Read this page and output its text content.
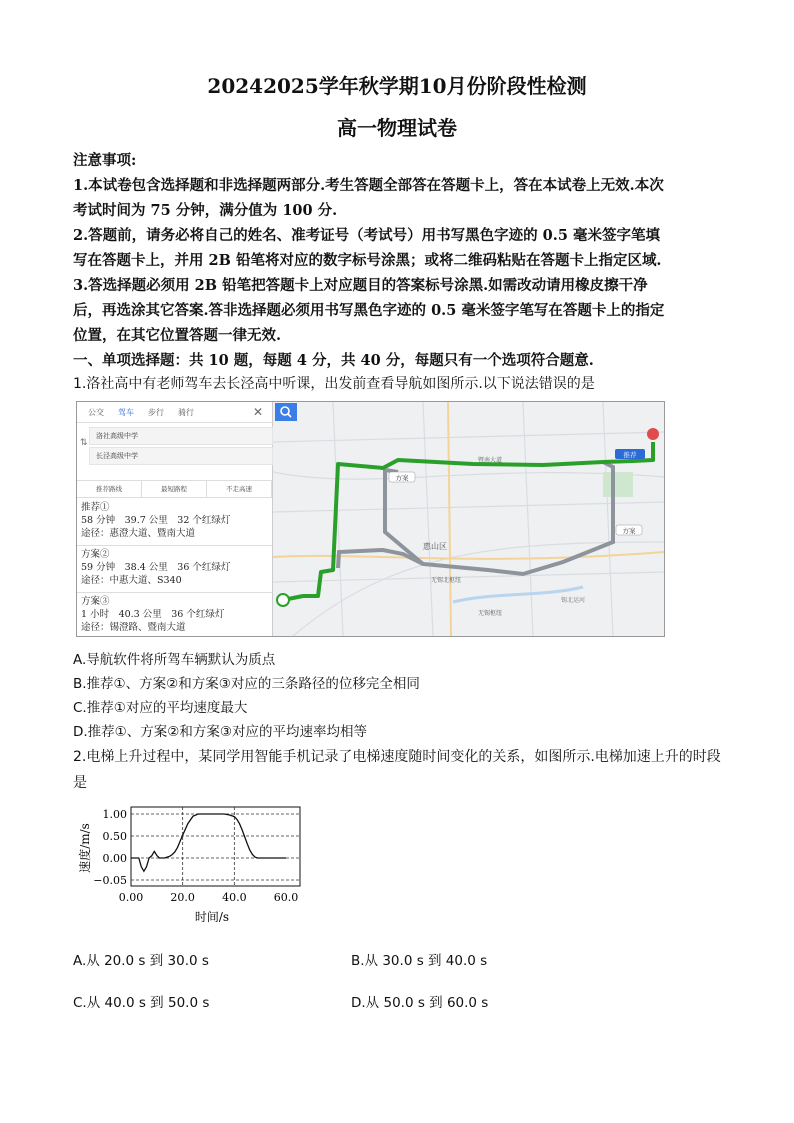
20242025学年秋学期10月份阶段性检测
高一物理试卷

注意事项:

1.本试卷包含选择题和非选择题两部分.考生答题全部答在答题卡上，答在本试卷上无效.本次

考试时间为 75 分钟，满分值为 100 分.

2.答题前，请务必将自己的姓名、准考证号（考试号）用书写黑色字迹的 0.5 毫米签字笔填

写在答题卡上，并用 2B 铅笔将对应的数字标号涂黑；或将二维码粘贴在答题卡上指定区域.

3.答选择题必须用 2B 铅笔把答题卡上对应题目的答案标号涂黑.如需改动请用橡皮擦干净

后，再选涂其它答案.答非选择题必须用书写黑色字迹的 0.5 毫米签字笔写在答题卡上的指定

位置，在其它位置答题一律无效.

一、单项选择题：共 10 题，每题 4 分，共 40 分，每题只有一个选项符合题意.

1.洛社高中有老师驾车去长泾高中听课，出发前查看导航如图所示.以下说法错误的是
公交	驾车	步行	骑行	✕
⇅
洛社高级中学
长泾高级中学
推荐路线	最短路程	不走高速
推荐①
58 分钟　39.7 公里　32 个红绿灯
途径：惠澄大道、暨南大道
方案②
59 分钟　38.4 公里　36 个红绿灯
途径：中惠大道、S340
方案③
1 小时　40.3 公里　36 个红绿灯
途径：锡澄路、暨南大道
推荐
方案
方案
惠山区
暨南大道
锡北运河
无锡北枢纽
无锡枢纽
A.导航软件将所驾车辆默认为质点
B.推荐①、方案②和方案③对应的三条路径的位移完全相同
C.推荐①对应的平均速度最大
D.推荐①、方案②和方案③对应的平均速率均相等
2.电梯上升过程中，某同学用智能手机记录了电梯速度随时间变化的关系，如图所示.电梯加速上升的时段
是
1.00
0.50
0.00
−0.05
0.00 20.0 40.0 60.0
时间/s
速度/m/s
A.从 20.0 s 到 30.0 s	B.从 30.0 s 到 40.0 s
C.从 40.0 s 到 50.0 s	D.从 50.0 s 到 60.0 s
